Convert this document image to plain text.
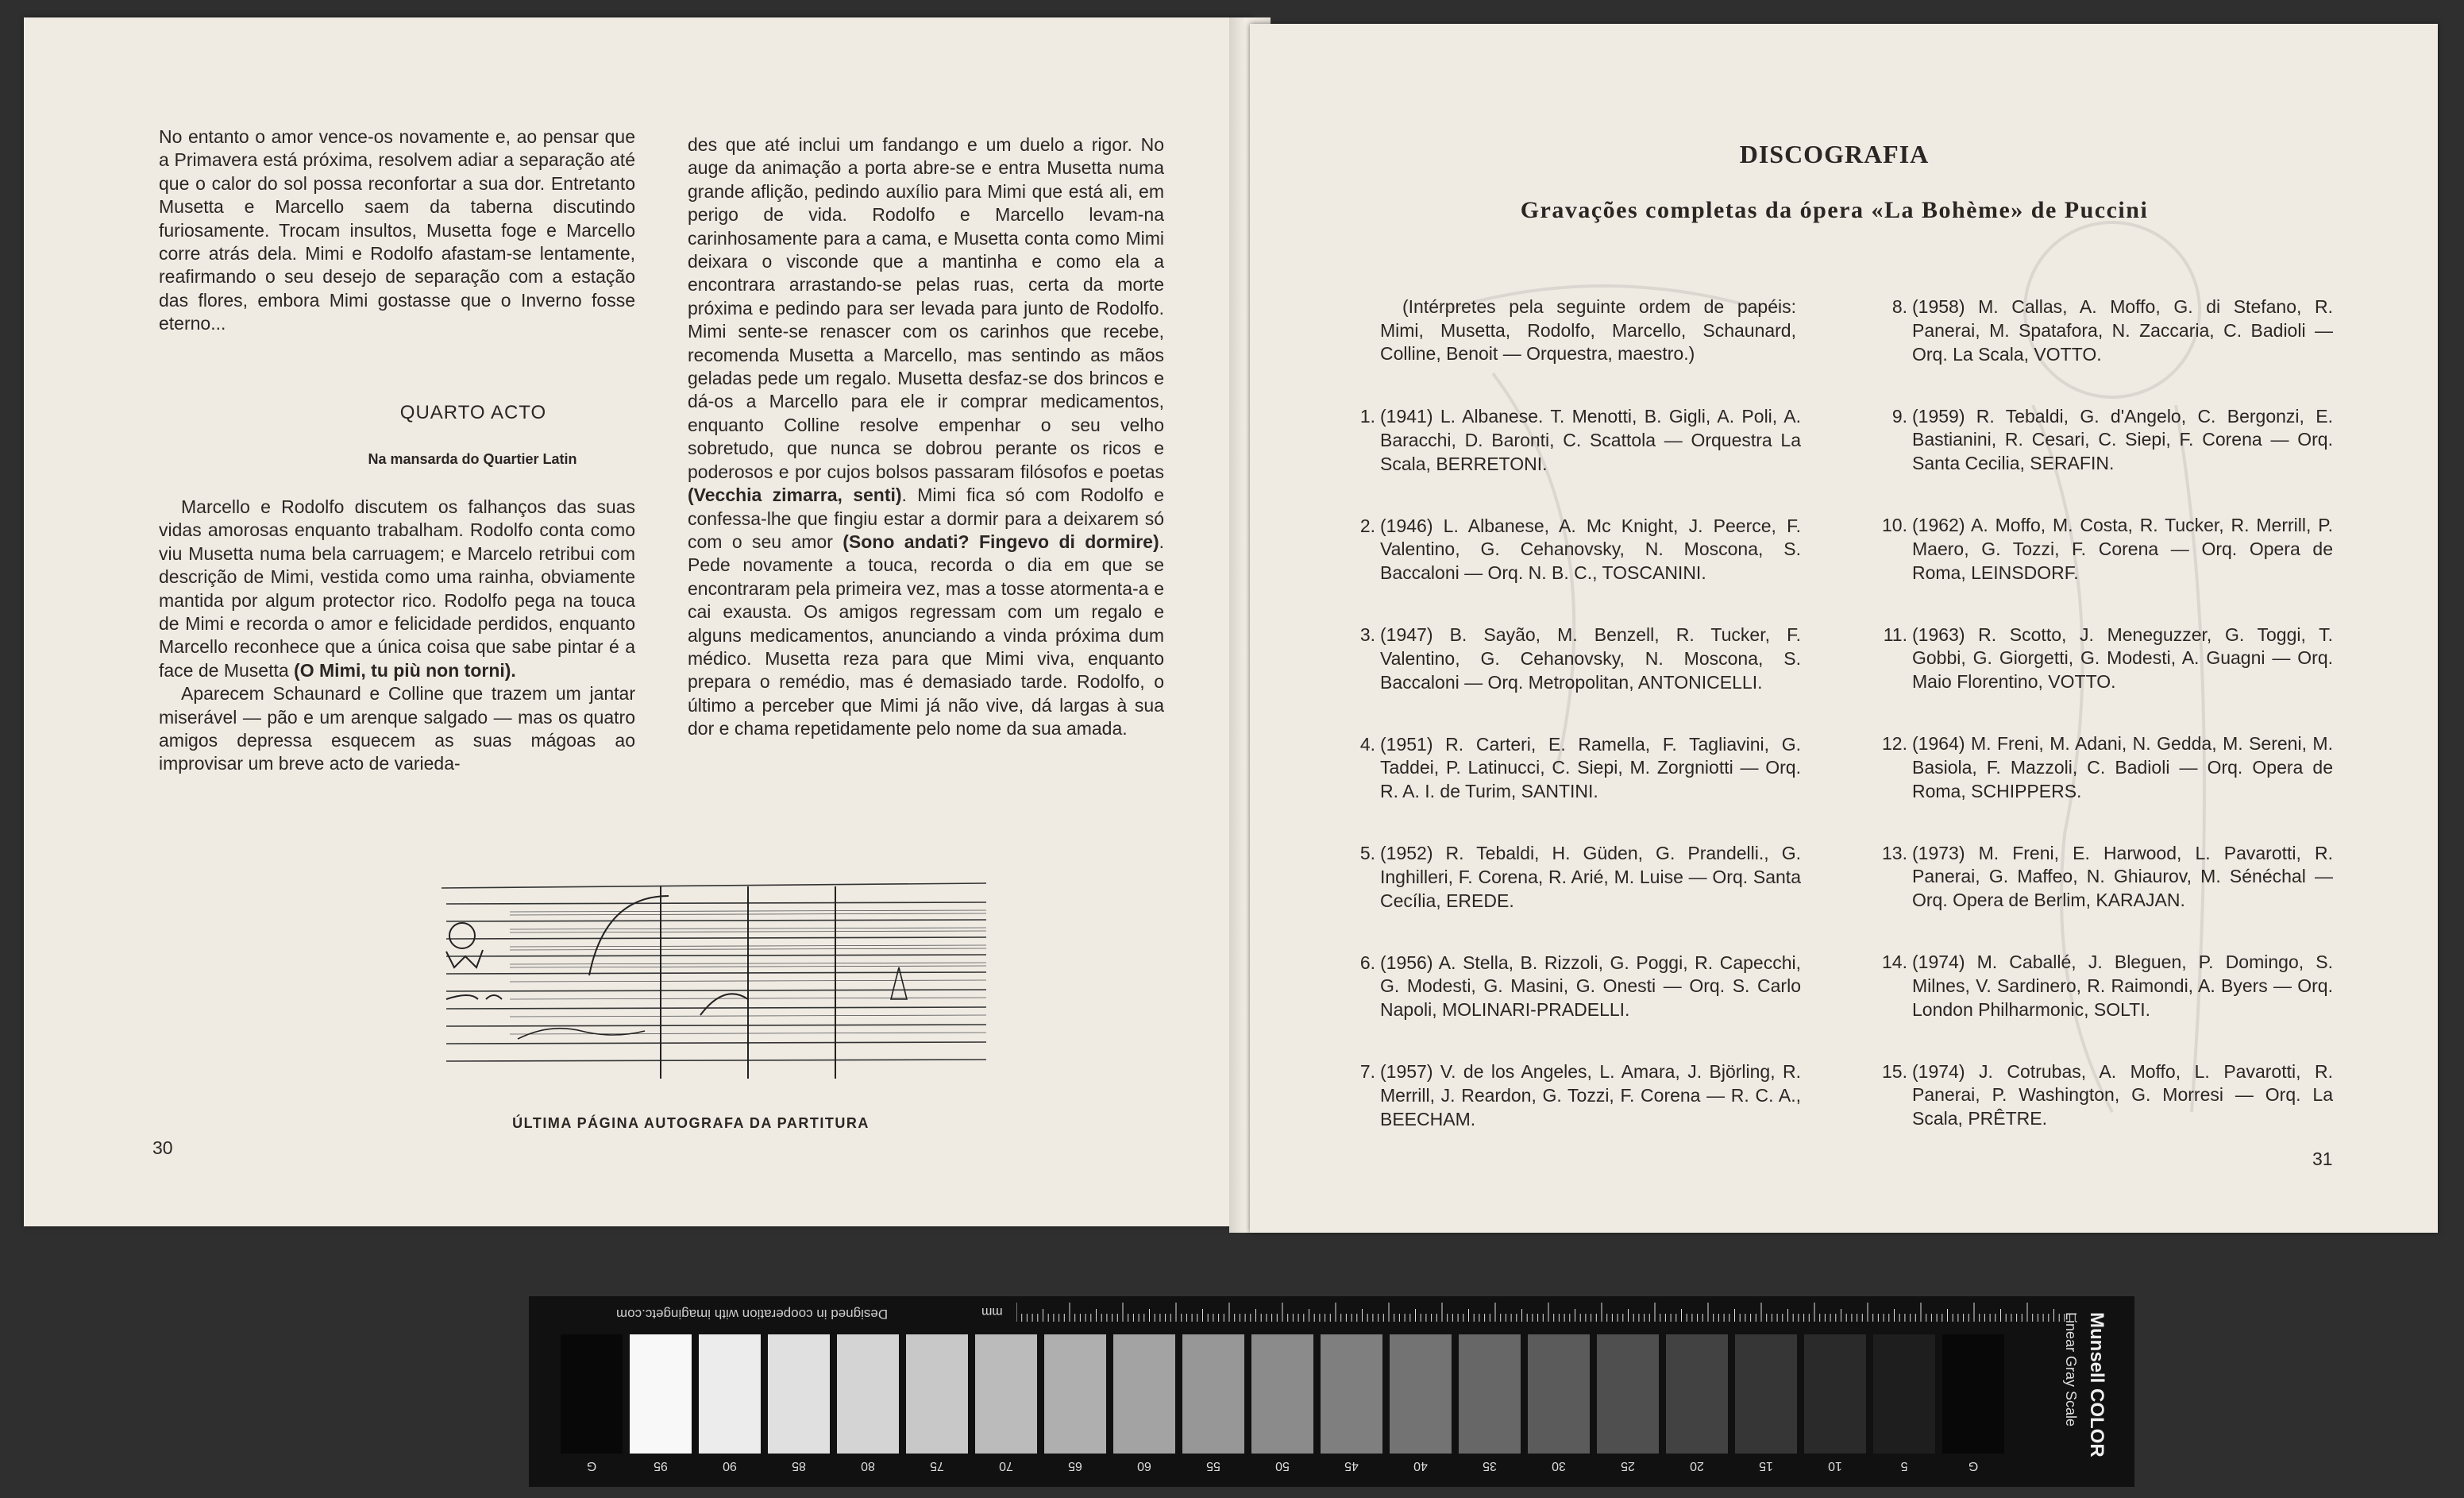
No entanto o amor vence-os novamente e, ao pensar que a Primavera está próxima, resolvem adiar a separação até que o calor do sol possa reconfortar a sua dor. Entretanto Musetta e Marcello saem da taberna discutindo furiosamente. Trocam insultos, Musetta foge e Marcello corre atrás dela. Mimi e Rodolfo afastam-se lentamente, reafirmando o seu desejo de separação com a estação das flores, embora Mimi gostasse que o Inverno fosse eterno...

QUARTO ACTO
Na mansarda do Quartier Latin

Marcello e Rodolfo discutem os falhanços das suas vidas amorosas enquanto trabalham. Rodolfo conta como viu Musetta numa bela carruagem; e Marcelo retribui com descrição de Mimi, vestida como uma rainha, obviamente mantida por algum protector rico. Rodolfo pega na touca de Mimi e recorda o amor e felicidade perdidos, enquanto Marcello reconhece que a única coisa que sabe pintar é a face de Musetta (O Mimi, tu più non torni).

Aparecem Schaunard e Colline que trazem um jantar miserável — pão e um arenque salgado — mas os quatro amigos depressa esquecem as suas mágoas ao improvisar um breve acto de varieda-

des que até inclui um fandango e um duelo a rigor. No auge da animação a porta abre-se e entra Musetta numa grande aflição, pedindo auxílio para Mimi que está ali, em perigo de vida. Rodolfo e Marcello levam-na carinhosamente para a cama, e Musetta conta como Mimi deixara o visconde que a mantinha e como ela a encontrara arrastando-se pelas ruas, certa da morte próxima e pedindo para ser levada para junto de Rodolfo. Mimi sente-se renascer com os carinhos que recebe, recomenda Musetta a Marcello, mas sentindo as mãos geladas pede um regalo. Musetta desfaz-se dos brincos e dá-os a Marcello para ele ir comprar medicamentos, enquanto Colline resolve empenhar o seu velho sobretudo, que nunca se dobrou perante os ricos e poderosos e por cujos bolsos passaram filósofos e poetas (Vecchia zimarra, senti). Mimi fica só com Rodolfo e confessa-lhe que fingiu estar a dormir para a deixarem só com o seu amor (Sono andati? Fingevo di dormire). Pede novamente a touca, recorda o dia em que se encontraram pela primeira vez, mas a tosse atormenta-a e cai exausta. Os amigos regressam com um regalo e alguns medicamentos, anunciando a vinda próxima dum médico. Musetta reza para que Mimi viva, enquanto prepara o remédio, mas é demasiado tarde. Rodolfo, o último a perceber que Mimi já não vive, dá largas à sua dor e chama repetidamente pelo nome da sua amada.

ÚLTIMA PÁGINA AUTOGRAFA DA PARTITURA
30
DISCOGRAFIA
Gravações completas da ópera «La Bohème» de Puccini
(Intérpretes pela seguinte ordem de papéis: Mimi, Musetta, Rodolfo, Marcello, Schaunard, Colline, Benoit — Orquestra, maestro.)
1. (1941) L. Albanese. T. Menotti, B. Gigli, A. Poli, A. Baracchi, D. Baronti, C. Scattola — Orquestra La Scala, BERRETONI.
2. (1946) L. Albanese, A. Mc Knight, J. Peerce, F. Valentino, G. Cehanovsky, N. Moscona, S. Baccaloni — Orq. N. B. C., TOSCANINI.
3. (1947) B. Sayão, M. Benzell, R. Tucker, F. Valentino, G. Cehanovsky, N. Moscona, S. Baccaloni — Orq. Metropolitan, ANTONICELLI.
4. (1951) R. Carteri, E. Ramella, F. Tagliavini, G. Taddei, P. Latinucci, C. Siepi, M. Zorgniotti — Orq. R. A. I. de Turim, SANTINI.
5. (1952) R. Tebaldi, H. Güden, G. Prandelli., G. Inghilleri, F. Corena, R. Arié, M. Luise — Orq. Santa Cecília, EREDE.
6. (1956) A. Stella, B. Rizzoli, G. Poggi, R. Capecchi, G. Modesti, G. Masini, G. Onesti — Orq. S. Carlo Napoli, MOLINARI-PRADELLI.
7. (1957) V. de los Angeles, L. Amara, J. Björling, R. Merrill, J. Reardon, G. Tozzi, F. Corena — R. C. A., BEECHAM.
8. (1958) M. Callas, A. Moffo, G. di Stefano, R. Panerai, M. Spatafora, N. Zaccaria, C. Badioli — Orq. La Scala, VOTTO.
9. (1959) R. Tebaldi, G. d'Angelo, C. Bergonzi, E. Bastianini, R. Cesari, C. Siepi, F. Corena — Orq. Santa Cecilia, SERAFIN.
10. (1962) A. Moffo, M. Costa, R. Tucker, R. Merrill, P. Maero, G. Tozzi, F. Corena — Orq. Opera de Roma, LEINSDORF.
11. (1963) R. Scotto, J. Meneguzzer, G. Toggi, T. Gobbi, G. Giorgetti, G. Modesti, A. Guagni — Orq. Maio Florentino, VOTTO.
12. (1964) M. Freni, M. Adani, N. Gedda, M. Sereni, M. Basiola, F. Mazzoli, C. Badioli — Orq. Opera de Roma, SCHIPPERS.
13. (1973) M. Freni, E. Harwood, L. Pavarotti, R. Panerai, G. Maffeo, N. Ghiaurov, M. Sénéchal — Orq. Opera de Berlim, KARAJAN.
14. (1974) M. Caballé, J. Bleguen, P. Domingo, S. Milnes, V. Sardinero, R. Raimondi, A. Byers — Orq. London Philharmonic, SOLTI.
15. (1974) J. Cotrubas, A. Moffo, L. Pavarotti, R. Panerai, P. Washington, G. Morresi — Orq. La Scala, PRÊTRE.
31
Designed in cooperation with imagingetc.com	mm
G	95	90	85	80	75	70	65	60	55	50	45	40	35	30	25	20	15	10	5	G
Munsell COLOR
Linear Gray Scale
